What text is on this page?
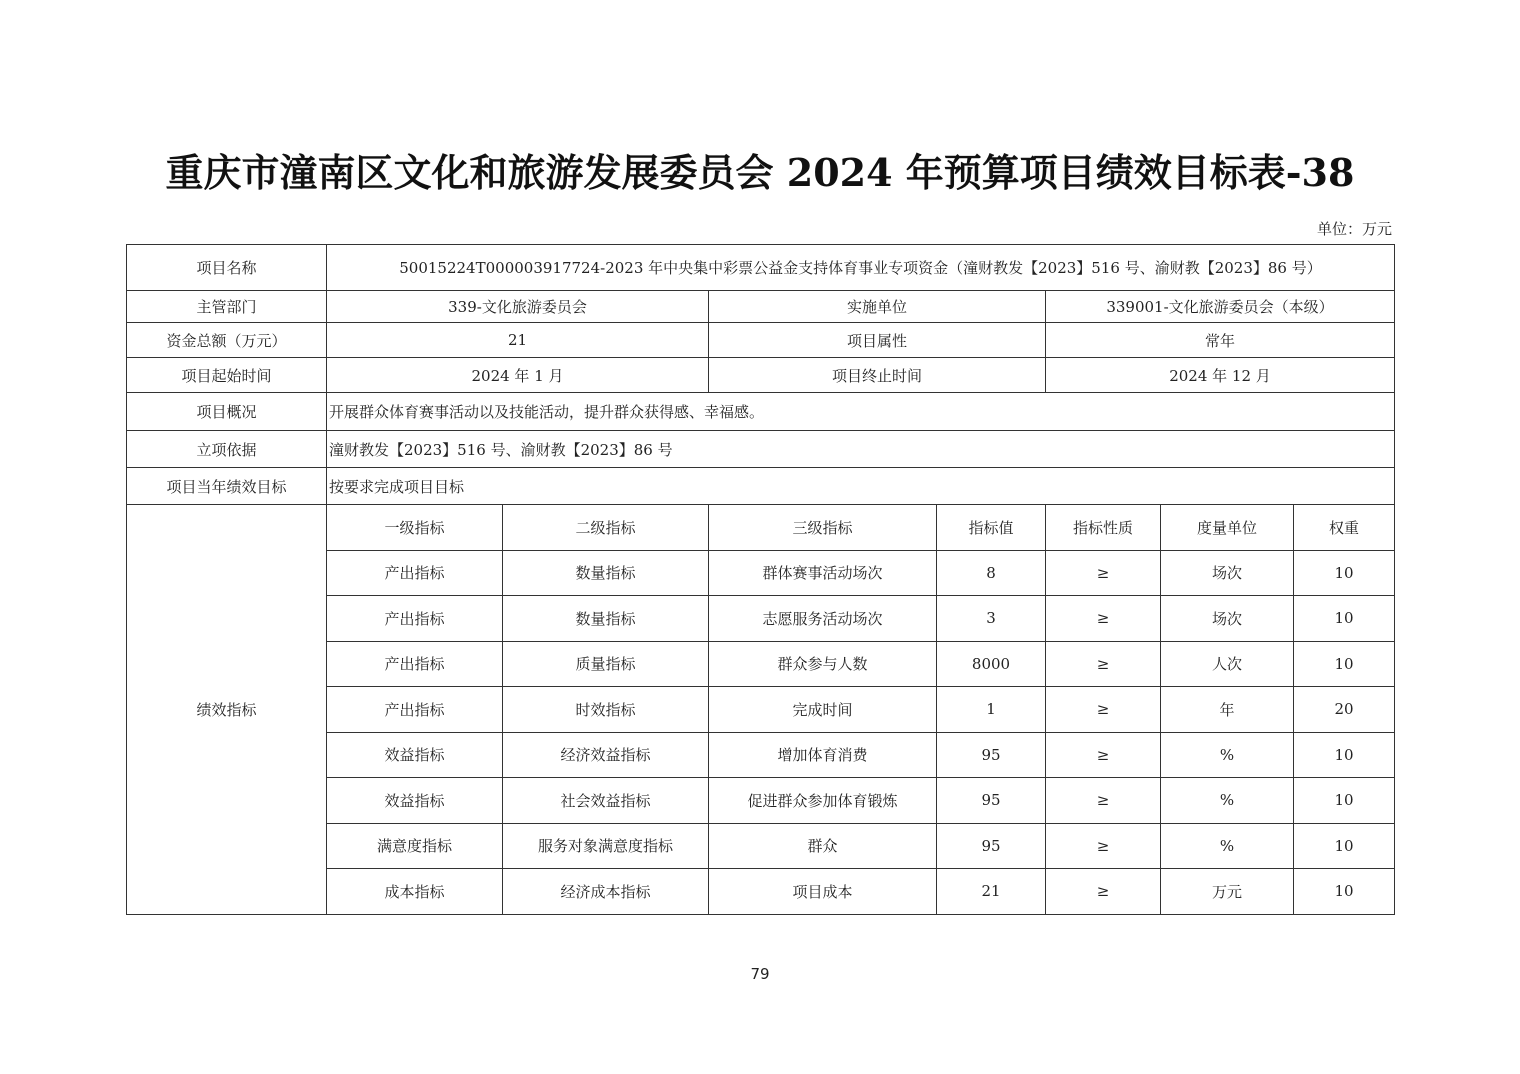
重庆市潼南区文化和旅游发展委员会 2024 年预算项目绩效目标表-38
单位：万元
项目名称	50015224T000003917724-2023 年中央集中彩票公益金支持体育事业专项资金（潼财教发【2023】516 号、渝财教【2023】86 号）						
主管部门	339-文化旅游委员会		实施单位		339001-文化旅游委员会（本级）		
资金总额（万元）	21		项目属性		常年		
项目起始时间	2024 年 1 月		项目终止时间		2024 年 12 月		
项目概况	开展群众体育赛事活动以及技能活动，提升群众获得感、幸福感。						
立项依据	潼财教发【2023】516 号、渝财教【2023】86 号						
项目当年绩效目标	按要求完成项目目标						
绩效指标	一级指标	二级指标	三级指标	指标值	指标性质	度量单位	权重
	产出指标	数量指标	群体赛事活动场次	8	≥	场次	10
	产出指标	数量指标	志愿服务活动场次	3	≥	场次	10
	产出指标	质量指标	群众参与人数	8000	≥	人次	10
	产出指标	时效指标	完成时间	1	≥	年	20
	效益指标	经济效益指标	增加体育消费	95	≥	%	10
	效益指标	社会效益指标	促进群众参加体育锻炼	95	≥	%	10
	满意度指标	服务对象满意度指标	群众	95	≥	%	10
	成本指标	经济成本指标	项目成本	21	≥	万元	10
79
